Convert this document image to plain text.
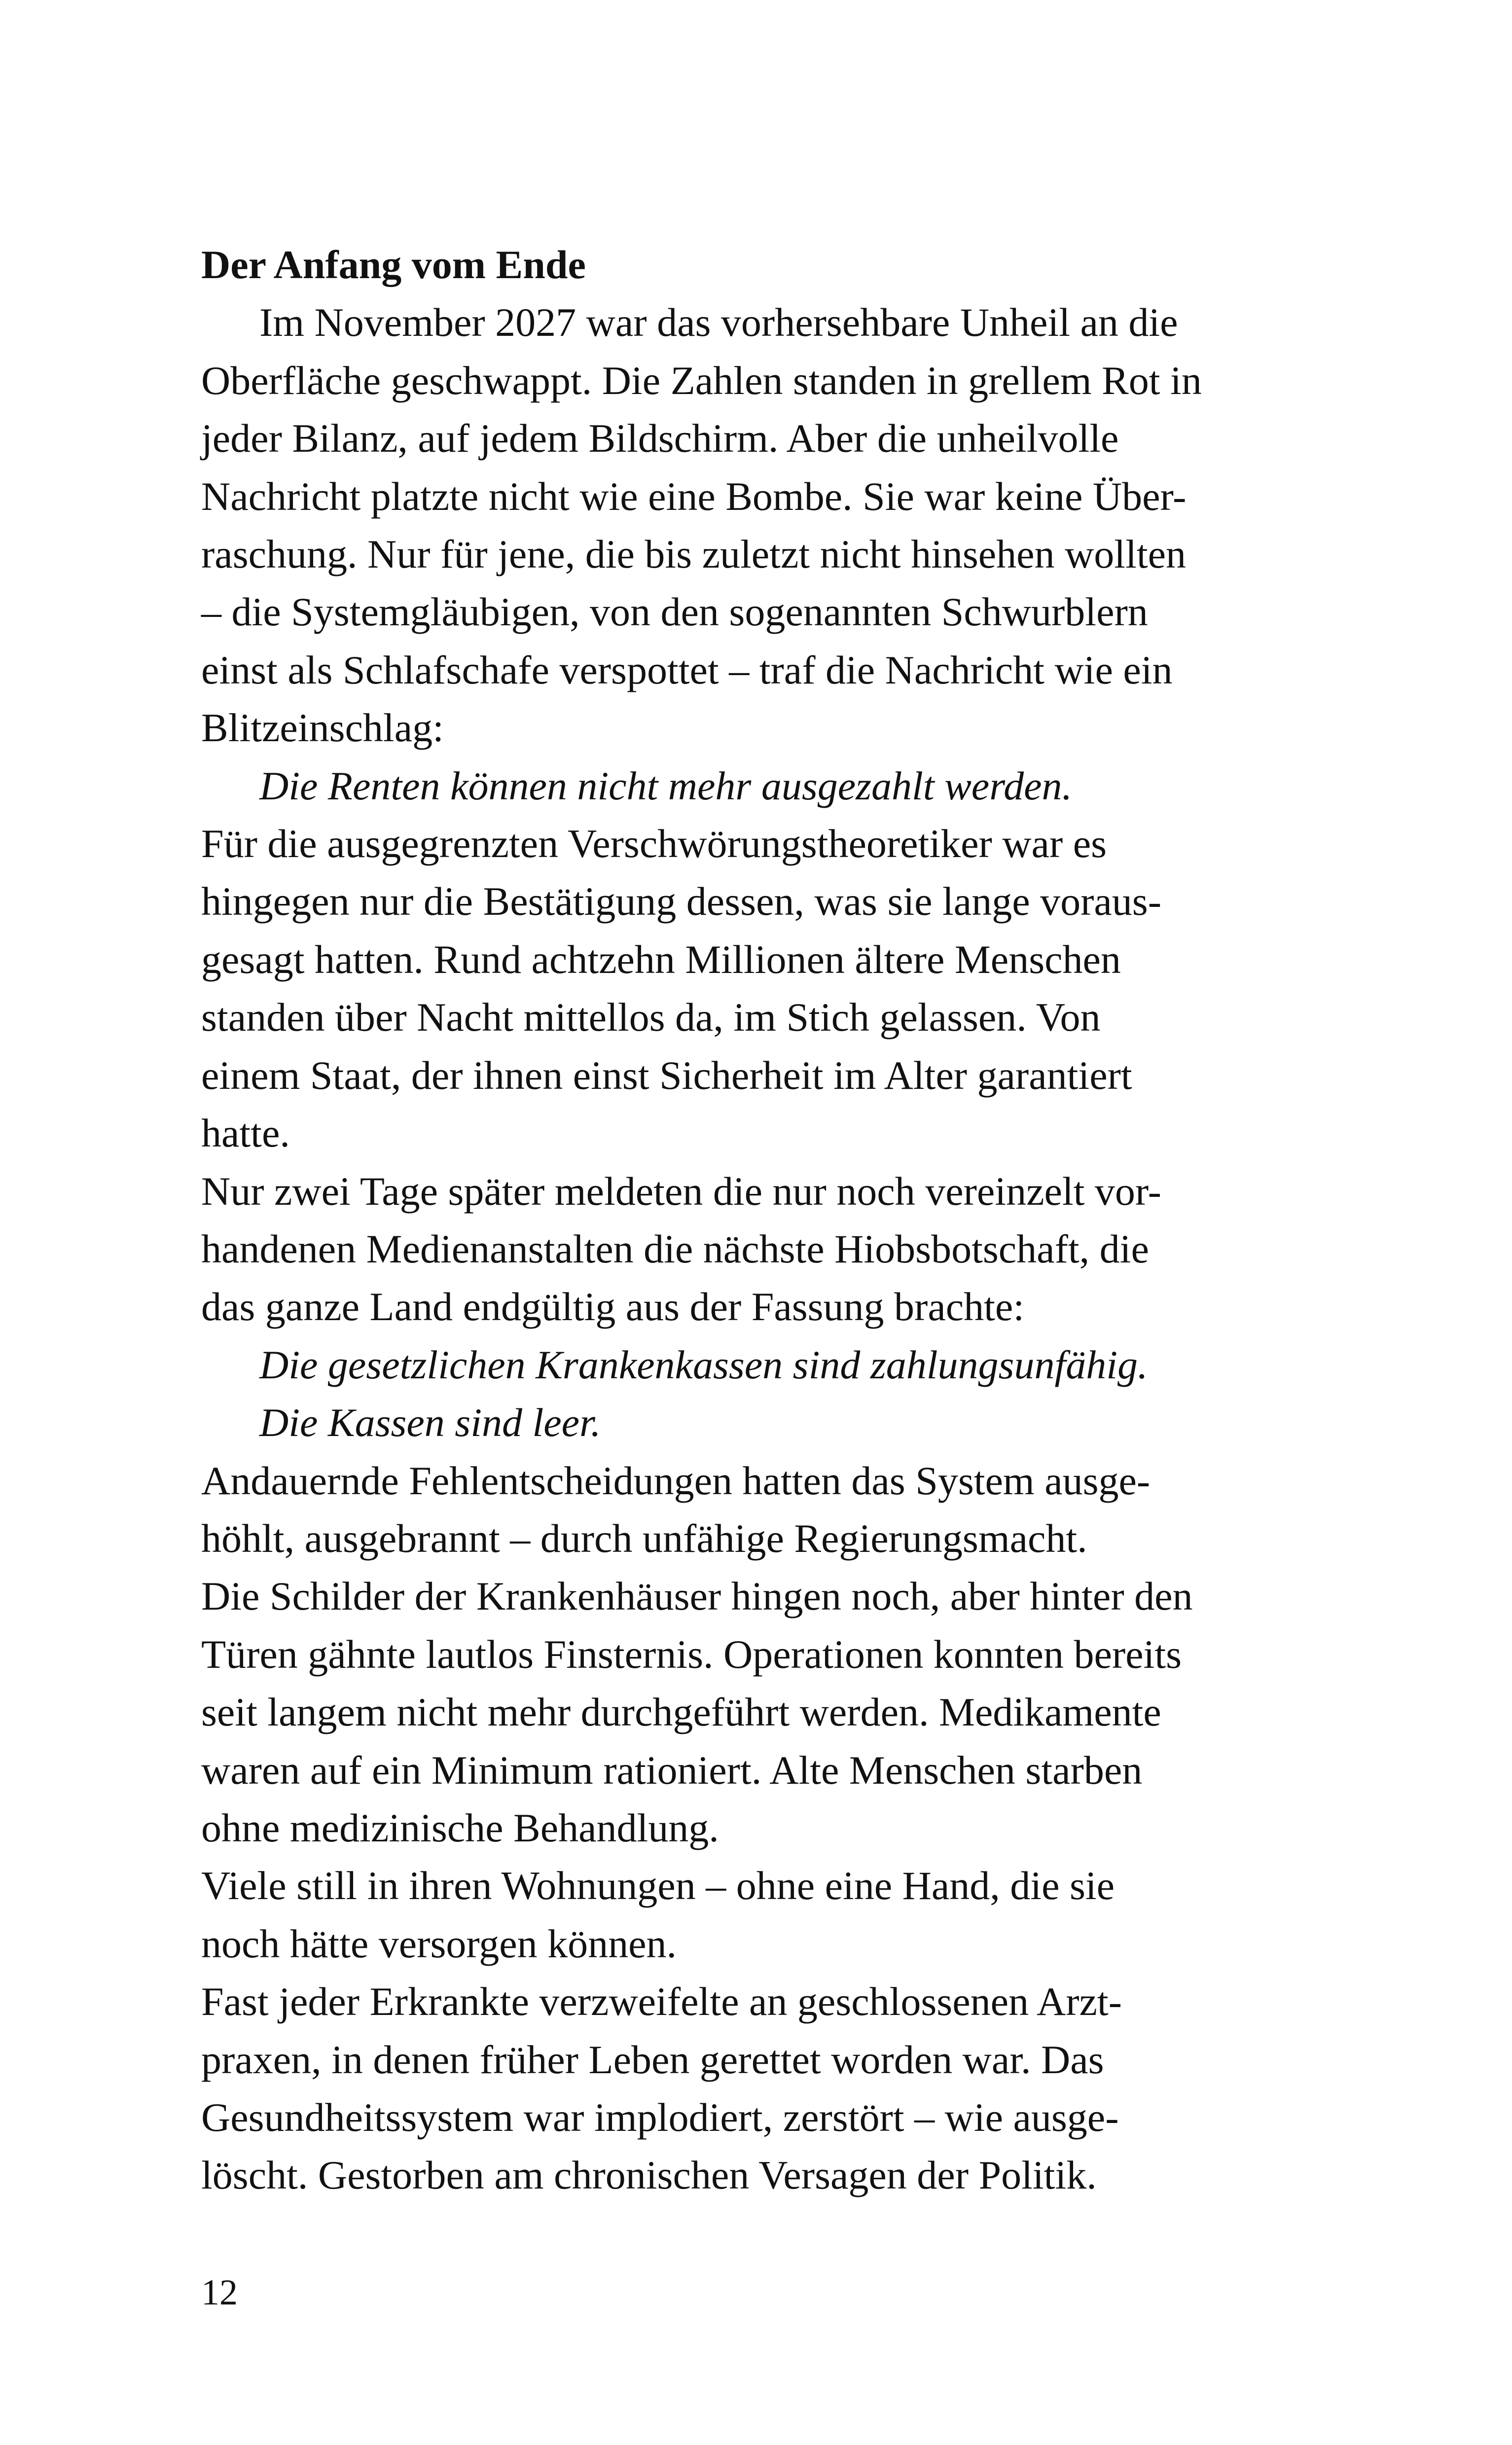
Der Anfang vom Ende
Im November 2027 war das vorhersehbare Unheil an die
Oberfläche geschwappt. Die Zahlen standen in grellem Rot in
jeder Bilanz, auf jedem Bildschirm. Aber die unheilvolle
Nachricht platzte nicht wie eine Bombe. Sie war keine Über-
raschung. Nur für jene, die bis zuletzt nicht hinsehen wollten
– die Systemgläubigen, von den sogenannten Schwurblern
einst als Schlafschafe verspottet – traf die Nachricht wie ein
Blitzeinschlag:
Die Renten können nicht mehr ausgezahlt werden.
Für die ausgegrenzten Verschwörungstheoretiker war es
hingegen nur die Bestätigung dessen, was sie lange voraus-
gesagt hatten. Rund achtzehn Millionen ältere Menschen
standen über Nacht mittellos da, im Stich gelassen. Von
einem Staat, der ihnen einst Sicherheit im Alter garantiert
hatte.
Nur zwei Tage später meldeten die nur noch vereinzelt vor-
handenen Medienanstalten die nächste Hiobsbotschaft, die
das ganze Land endgültig aus der Fassung brachte:
Die gesetzlichen Krankenkassen sind zahlungsunfähig.
Die Kassen sind leer.
Andauernde Fehlentscheidungen hatten das System ausge-
höhlt, ausgebrannt – durch unfähige Regierungsmacht.
Die Schilder der Krankenhäuser hingen noch, aber hinter den
Türen gähnte lautlos Finsternis. Operationen konnten bereits
seit langem nicht mehr durchgeführt werden. Medikamente
waren auf ein Minimum rationiert. Alte Menschen starben
ohne medizinische Behandlung.
Viele still in ihren Wohnungen – ohne eine Hand, die sie
noch hätte versorgen können.
Fast jeder Erkrankte verzweifelte an geschlossenen Arzt-
praxen, in denen früher Leben gerettet worden war. Das
Gesundheitssystem war implodiert, zerstört – wie ausge-
löscht. Gestorben am chronischen Versagen der Politik.
12
